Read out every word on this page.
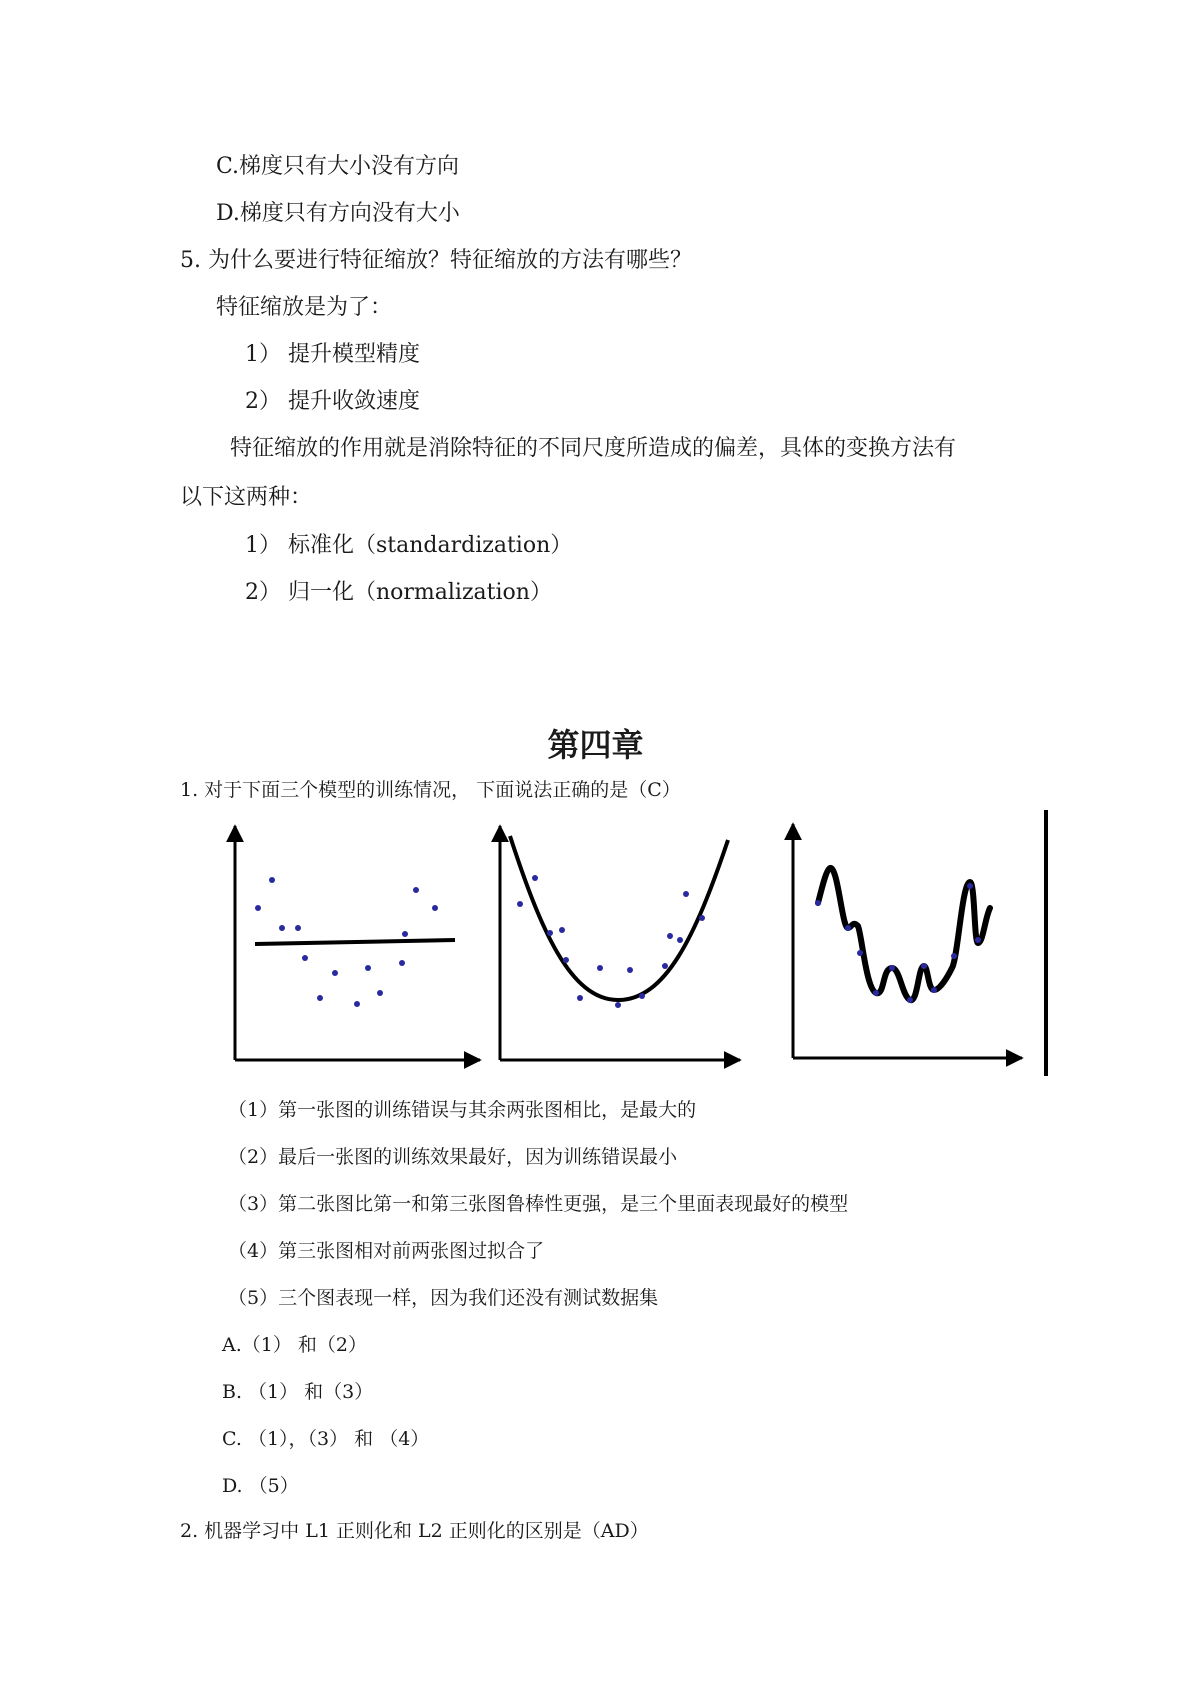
C.梯度只有大小没有方向
D.梯度只有方向没有大小
5. 为什么要进行特征缩放？特征缩放的方法有哪些？
特征缩放是为了：
1） 提升模型精度
2） 提升收敛速度
特征缩放的作用就是消除特征的不同尺度所造成的偏差，具体的变换方法有
以下这两种：
1） 标准化（standardization）
2） 归一化（normalization）
第四章
1. 对于下面三个模型的训练情况， 下面说法正确的是（C）
（1）第一张图的训练错误与其余两张图相比，是最大的
（2）最后一张图的训练效果最好，因为训练错误最小
（3）第二张图比第一和第三张图鲁棒性更强，是三个里面表现最好的模型
（4）第三张图相对前两张图过拟合了
（5）三个图表现一样，因为我们还没有测试数据集
A.（1） 和（2）
B. （1） 和（3）
C. （1），（3） 和 （4）
D. （5）
2. 机器学习中 L1 正则化和 L2 正则化的区别是（AD）
